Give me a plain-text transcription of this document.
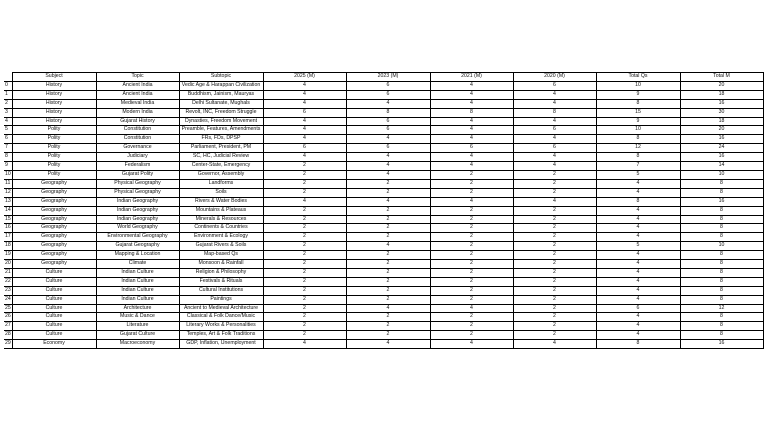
	Subject	Topic	Subtopic	2025 (M)	2023 (M)	2021 (M)	2020 (M)	Total Qs	Total M
0	History	Ancient India	Vedic Age & Harappan Civilization	4	6	4	6	10	20
1	History	Ancient India	Buddhism, Jainism, Mauryas	4	6	4	4	9	18
2	History	Medieval India	Delhi Sultanate, Mughals	4	4	4	4	8	16
3	History	Modern India	Revolt, INC, Freedom Struggle	6	8	8	8	15	30
4	History	Gujarat History	Dynasties, Freedom Movement	4	6	4	4	9	18
5	Polity	Constitution	Preamble, Features, Amendments	4	6	4	6	10	20
6	Polity	Constitution	FRs, FDs, DPSP	4	4	4	4	8	16
7	Polity	Governance	Parliament, President, PM	6	6	6	6	12	24
8	Polity	Judiciary	SC, HC, Judicial Review	4	4	4	4	8	16
9	Polity	Federalism	Center-State, Emergency	2	4	4	4	7	14
10	Polity	Gujarat Polity	Governor, Assembly	2	4	2	2	5	10
11	Geography	Physical Geography	Landforms	2	2	2	2	4	8
12	Geography	Physical Geography	Soils	2	2	2	2	4	8
13	Geography	Indian Geography	Rivers & Water Bodies	4	4	4	4	8	16
14	Geography	Indian Geography	Mountains & Plateaus	2	2	2	2	4	8
15	Geography	Indian Geography	Minerals & Resources	2	2	2	2	4	8
16	Geography	World Geography	Continents & Countries	2	2	2	2	4	8
17	Geography	Environmental Geography	Environment & Ecology	2	2	2	2	4	8
18	Geography	Gujarat Geography	Gujarat Rivers & Soils	2	4	2	2	5	10
19	Geography	Mapping & Location	Map-based Qs	2	2	2	2	4	8
20	Geography	Climate	Monsoon & Rainfall	2	2	2	2	4	8
21	Culture	Indian Culture	Religion & Philosophy	2	2	2	2	4	8
22	Culture	Indian Culture	Festivals & Rituals	2	2	2	2	4	8
23	Culture	Indian Culture	Cultural Institutions	2	2	2	2	4	8
24	Culture	Indian Culture	Paintings	2	2	2	2	4	8
25	Culture	Architecture	Ancient to Medieval Architecture	2	4	4	2	6	12
26	Culture	Music & Dance	Classical & Folk Dance/Music	2	2	2	2	4	8
27	Culture	Literature	Literary Works & Personalities	2	2	2	2	4	8
28	Culture	Gujarat Culture	Temples, Art & Folk Traditions	2	2	2	2	4	8
29	Economy	Macroeconomy	GDP, Inflation, Unemployment	4	4	4	4	8	16
